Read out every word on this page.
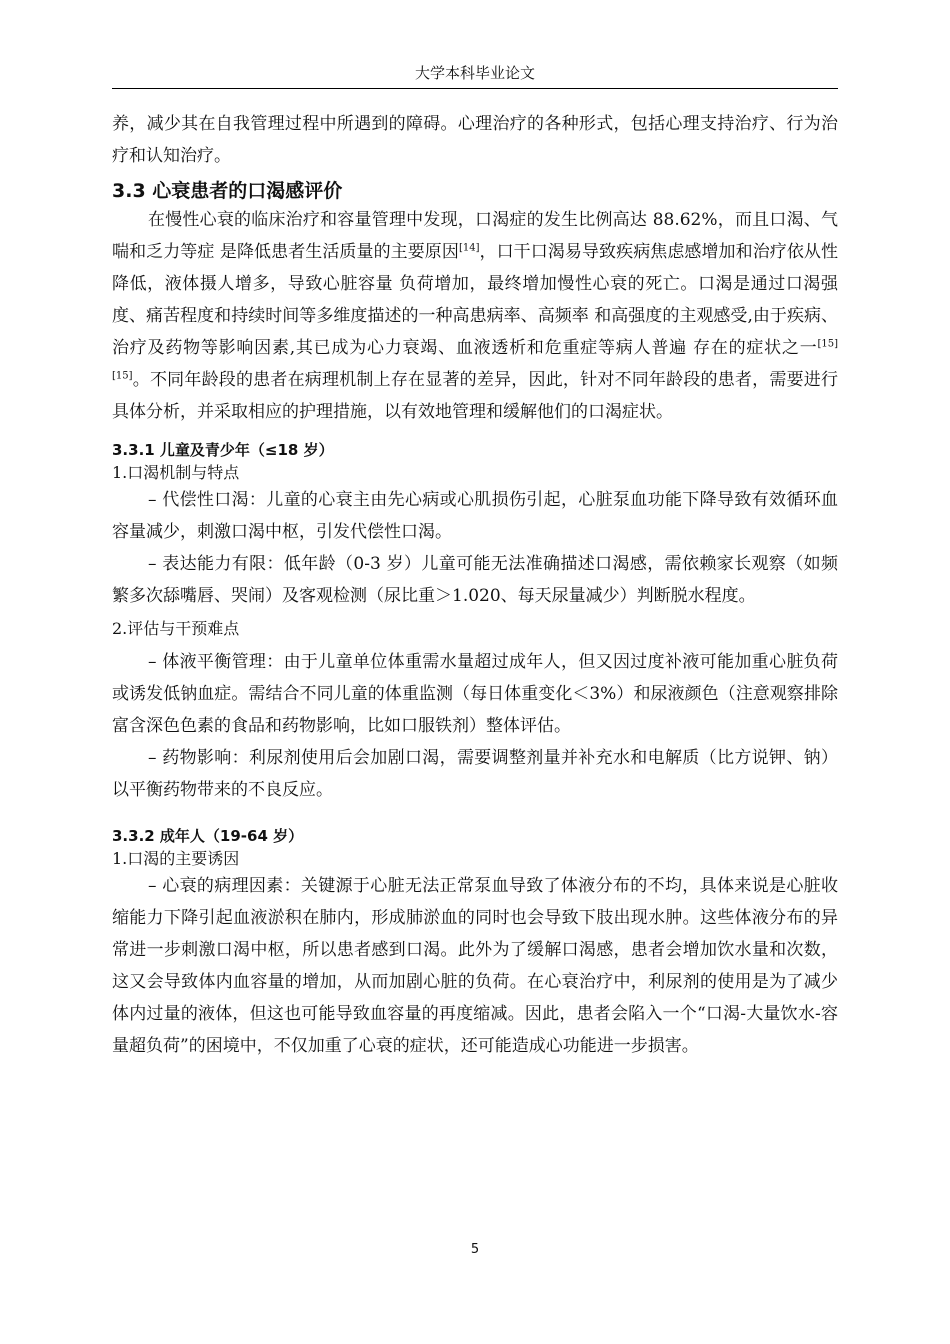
大学本科毕业论文

养，减少其在自我管理过程中所遇到的障碍。心理治疗的各种形式，包括心理支持治疗、行为治疗和认知治疗。

3.3 心衰患者的口渴感评价

在慢性心衰的临床治疗和容量管理中发现，口渴症的发生比例高达 88.62%，而且口渴、气喘和乏力等症 是降低患者生活质量的主要原因[14]，口干口渴易导致疾病焦虑感增加和治疗依从性降低，液体摄人增多，导致心脏容量 负荷增加，最终增加慢性心衰的死亡。口渴是通过口渴强度、痛苦程度和持续时间等多维度描述的一种高患病率、高频率 和高强度的主观感受,由于疾病、治疗及药物等影响因素,其已成为心力衰竭、血液透析和危重症等病人普遍 存在的症状之一[15][15]。不同年龄段的患者在病理机制上存在显著的差异，因此，针对不同年龄段的患者，需要进行具体分析，并采取相应的护理措施，以有效地管理和缓解他们的口渴症状。

3.3.1 儿童及青少年（≤18 岁）
1.口渴机制与特点

– 代偿性口渴：儿童的心衰主由先心病或心肌损伤引起，心脏泵血功能下降导致有效循环血容量减少，刺激口渴中枢，引发代偿性口渴。

– 表达能力有限：低年龄（0-3 岁）儿童可能无法准确描述口渴感，需依赖家长观察（如频繁多次舔嘴唇、哭闹）及客观检测（尿比重＞1.020、每天尿量减少）判断脱水程度。

2.评估与干预难点

– 体液平衡管理：由于儿童单位体重需水量超过成年人，但又因过度补液可能加重心脏负荷或诱发低钠血症。需结合不同儿童的体重监测（每日体重变化＜3%）和尿液颜色（注意观察排除富含深色色素的食品和药物影响，比如口服铁剂）整体评估。

– 药物影响：利尿剂使用后会加剧口渴，需要调整剂量并补充水和电解质（比方说钾、钠）以平衡药物带来的不良反应。

3.3.2 成年人（19-64 岁）
1.口渴的主要诱因

– 心衰的病理因素：关键源于心脏无法正常泵血导致了体液分布的不均，具体来说是心脏收缩能力下降引起血液淤积在肺内，形成肺淤血的同时也会导致下肢出现水肿。这些体液分布的异常进一步刺激口渴中枢，所以患者感到口渴。此外为了缓解口渴感，患者会增加饮水量和次数，这又会导致体内血容量的增加，从而加剧心脏的负荷。在心衰治疗中，利尿剂的使用是为了减少体内过量的液体，但这也可能导致血容量的再度缩减。因此，患者会陷入一个“口渴-大量饮水-容量超负荷”的困境中，不仅加重了心衰的症状，还可能造成心功能进一步损害。

5
